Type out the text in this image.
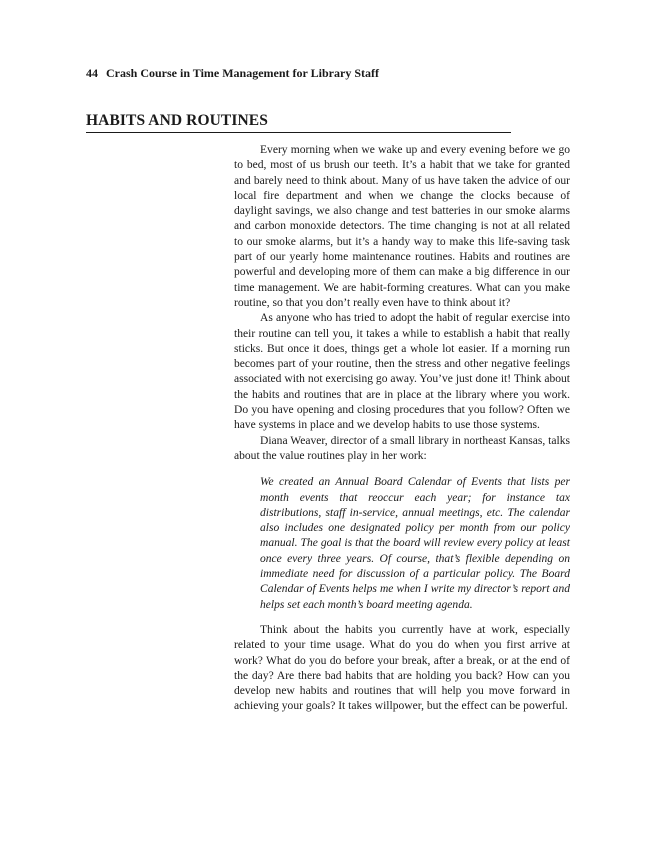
44 Crash Course in Time Management for Library Staff
HABITS AND ROUTINES

Every morning when we wake up and every evening before we go to bed, most of us brush our teeth. It’s a habit that we take for granted and barely need to think about. Many of us have taken the advice of our local fire department and when we change the clocks because of daylight savings, we also change and test batteries in our smoke alarms and carbon monoxide detectors. The time changing is not at all related to our smoke alarms, but it’s a handy way to make this life-saving task part of our yearly home maintenance routines. Habits and routines are powerful and developing more of them can make a big difference in our time management. We are habit-forming creatures. What can you make routine, so that you don’t really even have to think about it?

As anyone who has tried to adopt the habit of regular exercise into their routine can tell you, it takes a while to establish a habit that really sticks. But once it does, things get a whole lot easier. If a morning run becomes part of your routine, then the stress and other negative feelings associated with not exercising go away. You’ve just done it! Think about the habits and routines that are in place at the library where you work. Do you have opening and closing procedures that you follow? Often we have systems in place and we develop habits to use those systems.

Diana Weaver, director of a small library in northeast Kansas, talks about the value routines play in her work:

We created an Annual Board Calendar of Events that lists per month events that reoccur each year; for instance tax distributions, staff in-service, annual meetings, etc. The calendar also includes one designated policy per month from our policy manual. The goal is that the board will review every policy at least once every three years. Of course, that’s flexible depending on immediate need for discussion of a particular policy. The Board Calendar of Events helps me when I write my director’s report and helps set each month’s board meeting agenda.

Think about the habits you currently have at work, especially related to your time usage. What do you do when you first arrive at work? What do you do before your break, after a break, or at the end of the day? Are there bad habits that are holding you back? How can you develop new habits and routines that will help you move forward in achieving your goals? It takes willpower, but the effect can be powerful.
